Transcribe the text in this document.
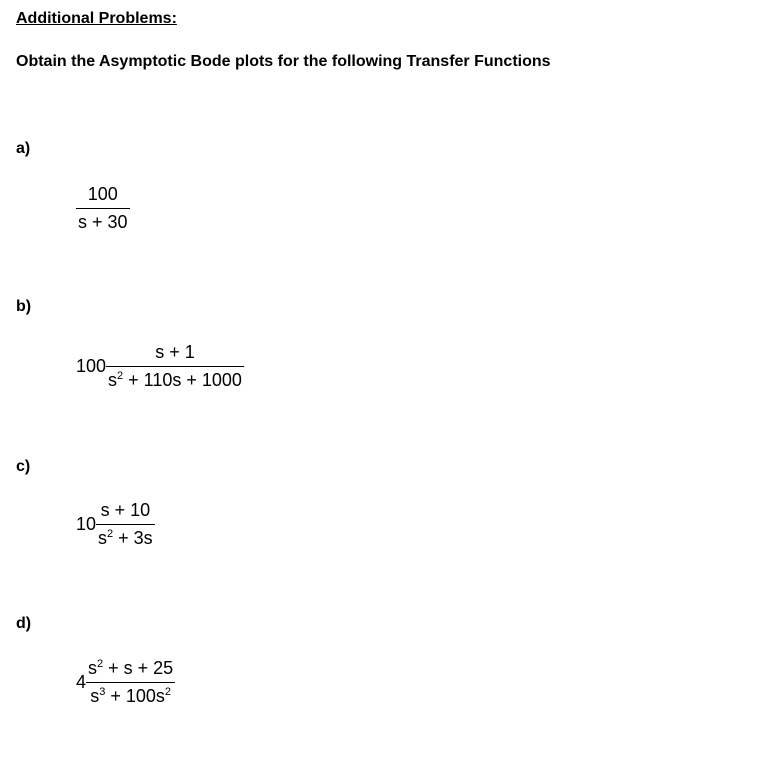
Additional Problems:
Obtain the Asymptotic Bode plots for the following Transfer Functions
a)
$\frac{100}{s + 30}$
b)
$100 \frac{s + 1}{s^2 + 110s + 1000}$
c)
$10 \frac{s + 10}{s^2 + 3s}$
d)
$4 \frac{s^2 + s + 25}{s^3 + 100s^2}$
